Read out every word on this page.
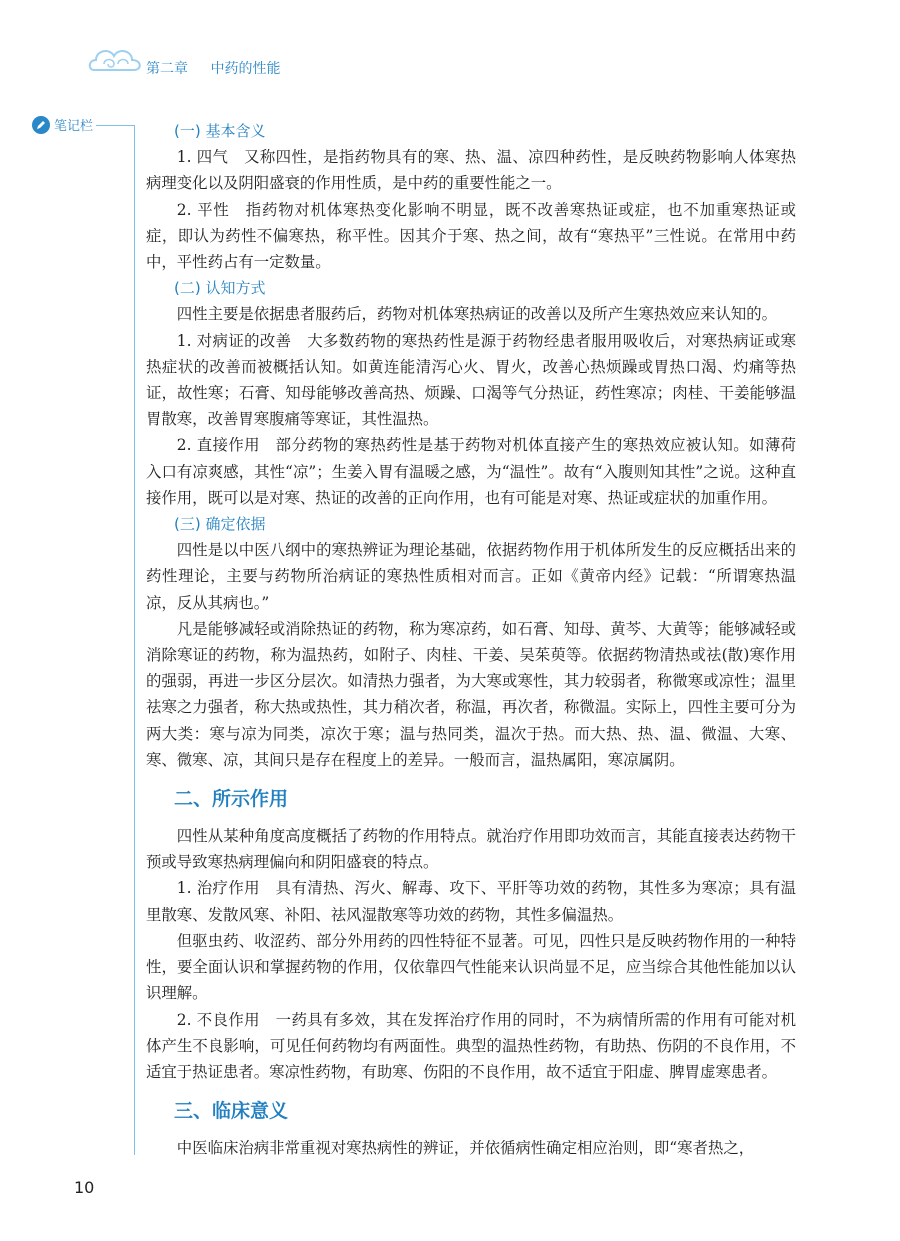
第二章 中药的性能
笔记栏	(一) 基本含义

1. 四气　又称四性，是指药物具有的寒、热、温、凉四种药性，是反映药物影响人体寒热病理变化以及阴阳盛衰的作用性质，是中药的重要性能之一。

2. 平性　指药物对机体寒热变化影响不明显，既不改善寒热证或症，也不加重寒热证或症，即认为药性不偏寒热，称平性。因其介于寒、热之间，故有“寒热平”三性说。在常用中药中，平性药占有一定数量。

(二) 认知方式

四性主要是依据患者服药后，药物对机体寒热病证的改善以及所产生寒热效应来认知的。

1. 对病证的改善　大多数药物的寒热药性是源于药物经患者服用吸收后，对寒热病证或寒热症状的改善而被概括认知。如黄连能清泻心火、胃火，改善心热烦躁或胃热口渴、灼痛等热证，故性寒；石膏、知母能够改善高热、烦躁、口渴等气分热证，药性寒凉；肉桂、干姜能够温胃散寒，改善胃寒腹痛等寒证，其性温热。

2. 直接作用　部分药物的寒热药性是基于药物对机体直接产生的寒热效应被认知。如薄荷入口有凉爽感，其性“凉”；生姜入胃有温暖之感，为“温性”。故有“入腹则知其性”之说。这种直接作用，既可以是对寒、热证的改善的正向作用，也有可能是对寒、热证或症状的加重作用。

(三) 确定依据

四性是以中医八纲中的寒热辨证为理论基础，依据药物作用于机体所发生的反应概括出来的药性理论，主要与药物所治病证的寒热性质相对而言。正如《黄帝内经》记载：“所谓寒热温凉，反从其病也。”

凡是能够减轻或消除热证的药物，称为寒凉药，如石膏、知母、黄芩、大黄等；能够减轻或消除寒证的药物，称为温热药，如附子、肉桂、干姜、吴茱萸等。依据药物清热或祛(散)寒作用的强弱，再进一步区分层次。如清热力强者，为大寒或寒性，其力较弱者，称微寒或凉性；温里祛寒之力强者，称大热或热性，其力稍次者，称温，再次者，称微温。实际上，四性主要可分为两大类：寒与凉为同类，凉次于寒；温与热同类，温次于热。而大热、热、温、微温、大寒、寒、微寒、凉，其间只是存在程度上的差异。一般而言，温热属阳，寒凉属阴。

二、所示作用

四性从某种角度高度概括了药物的作用特点。就治疗作用即功效而言，其能直接表达药物干预或导致寒热病理偏向和阴阳盛衰的特点。

1. 治疗作用　具有清热、泻火、解毒、攻下、平肝等功效的药物，其性多为寒凉；具有温里散寒、发散风寒、补阳、祛风湿散寒等功效的药物，其性多偏温热。

但驱虫药、收涩药、部分外用药的四性特征不显著。可见，四性只是反映药物作用的一种特性，要全面认识和掌握药物的作用，仅依靠四气性能来认识尚显不足，应当综合其他性能加以认识理解。

2. 不良作用　一药具有多效，其在发挥治疗作用的同时，不为病情所需的作用有可能对机体产生不良影响，可见任何药物均有两面性。典型的温热性药物，有助热、伤阴的不良作用，不适宜于热证患者。寒凉性药物，有助寒、伤阳的不良作用，故不适宜于阳虚、脾胃虚寒患者。

三、临床意义

中医临床治病非常重视对寒热病性的辨证，并依循病性确定相应治则，即“寒者热之，

10
